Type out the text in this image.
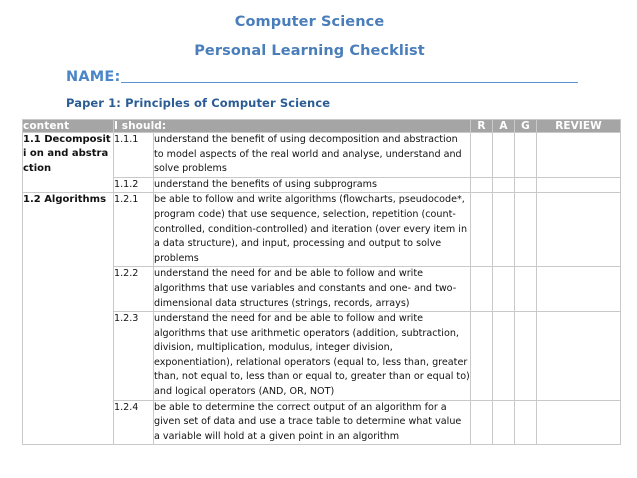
Computer Science
Personal Learning Checklist
NAME:
Paper 1: Principles of Computer Science
content	I should:		R	A	G	REVIEW
1.1 Decompositi on and abstraction	1.1.1	understand the benefit of using decomposition and abstraction to model aspects of the real world and analyse, understand and solve problems				
	1.1.2	understand the benefits of using subprograms				
1.2 Algorithms	1.2.1	be able to follow and write algorithms (flowcharts, pseudocode*, program code) that use sequence, selection, repetition (count-controlled, condition-controlled) and iteration (over every item in a data structure), and input, processing and output to solve problems				
	1.2.2	understand the need for and be able to follow and write algorithms that use variables and constants and one- and two-dimensional data structures (strings, records, arrays)				
	1.2.3	understand the need for and be able to follow and write algorithms that use arithmetic operators (addition, subtraction, division, multiplication, modulus, integer division, exponentiation), relational operators (equal to, less than, greater than, not equal to, less than or equal to, greater than or equal to) and logical operators (AND, OR, NOT)				
	1.2.4	be able to determine the correct output of an algorithm for a given set of data and use a trace table to determine what value a variable will hold at a given point in an algorithm				
